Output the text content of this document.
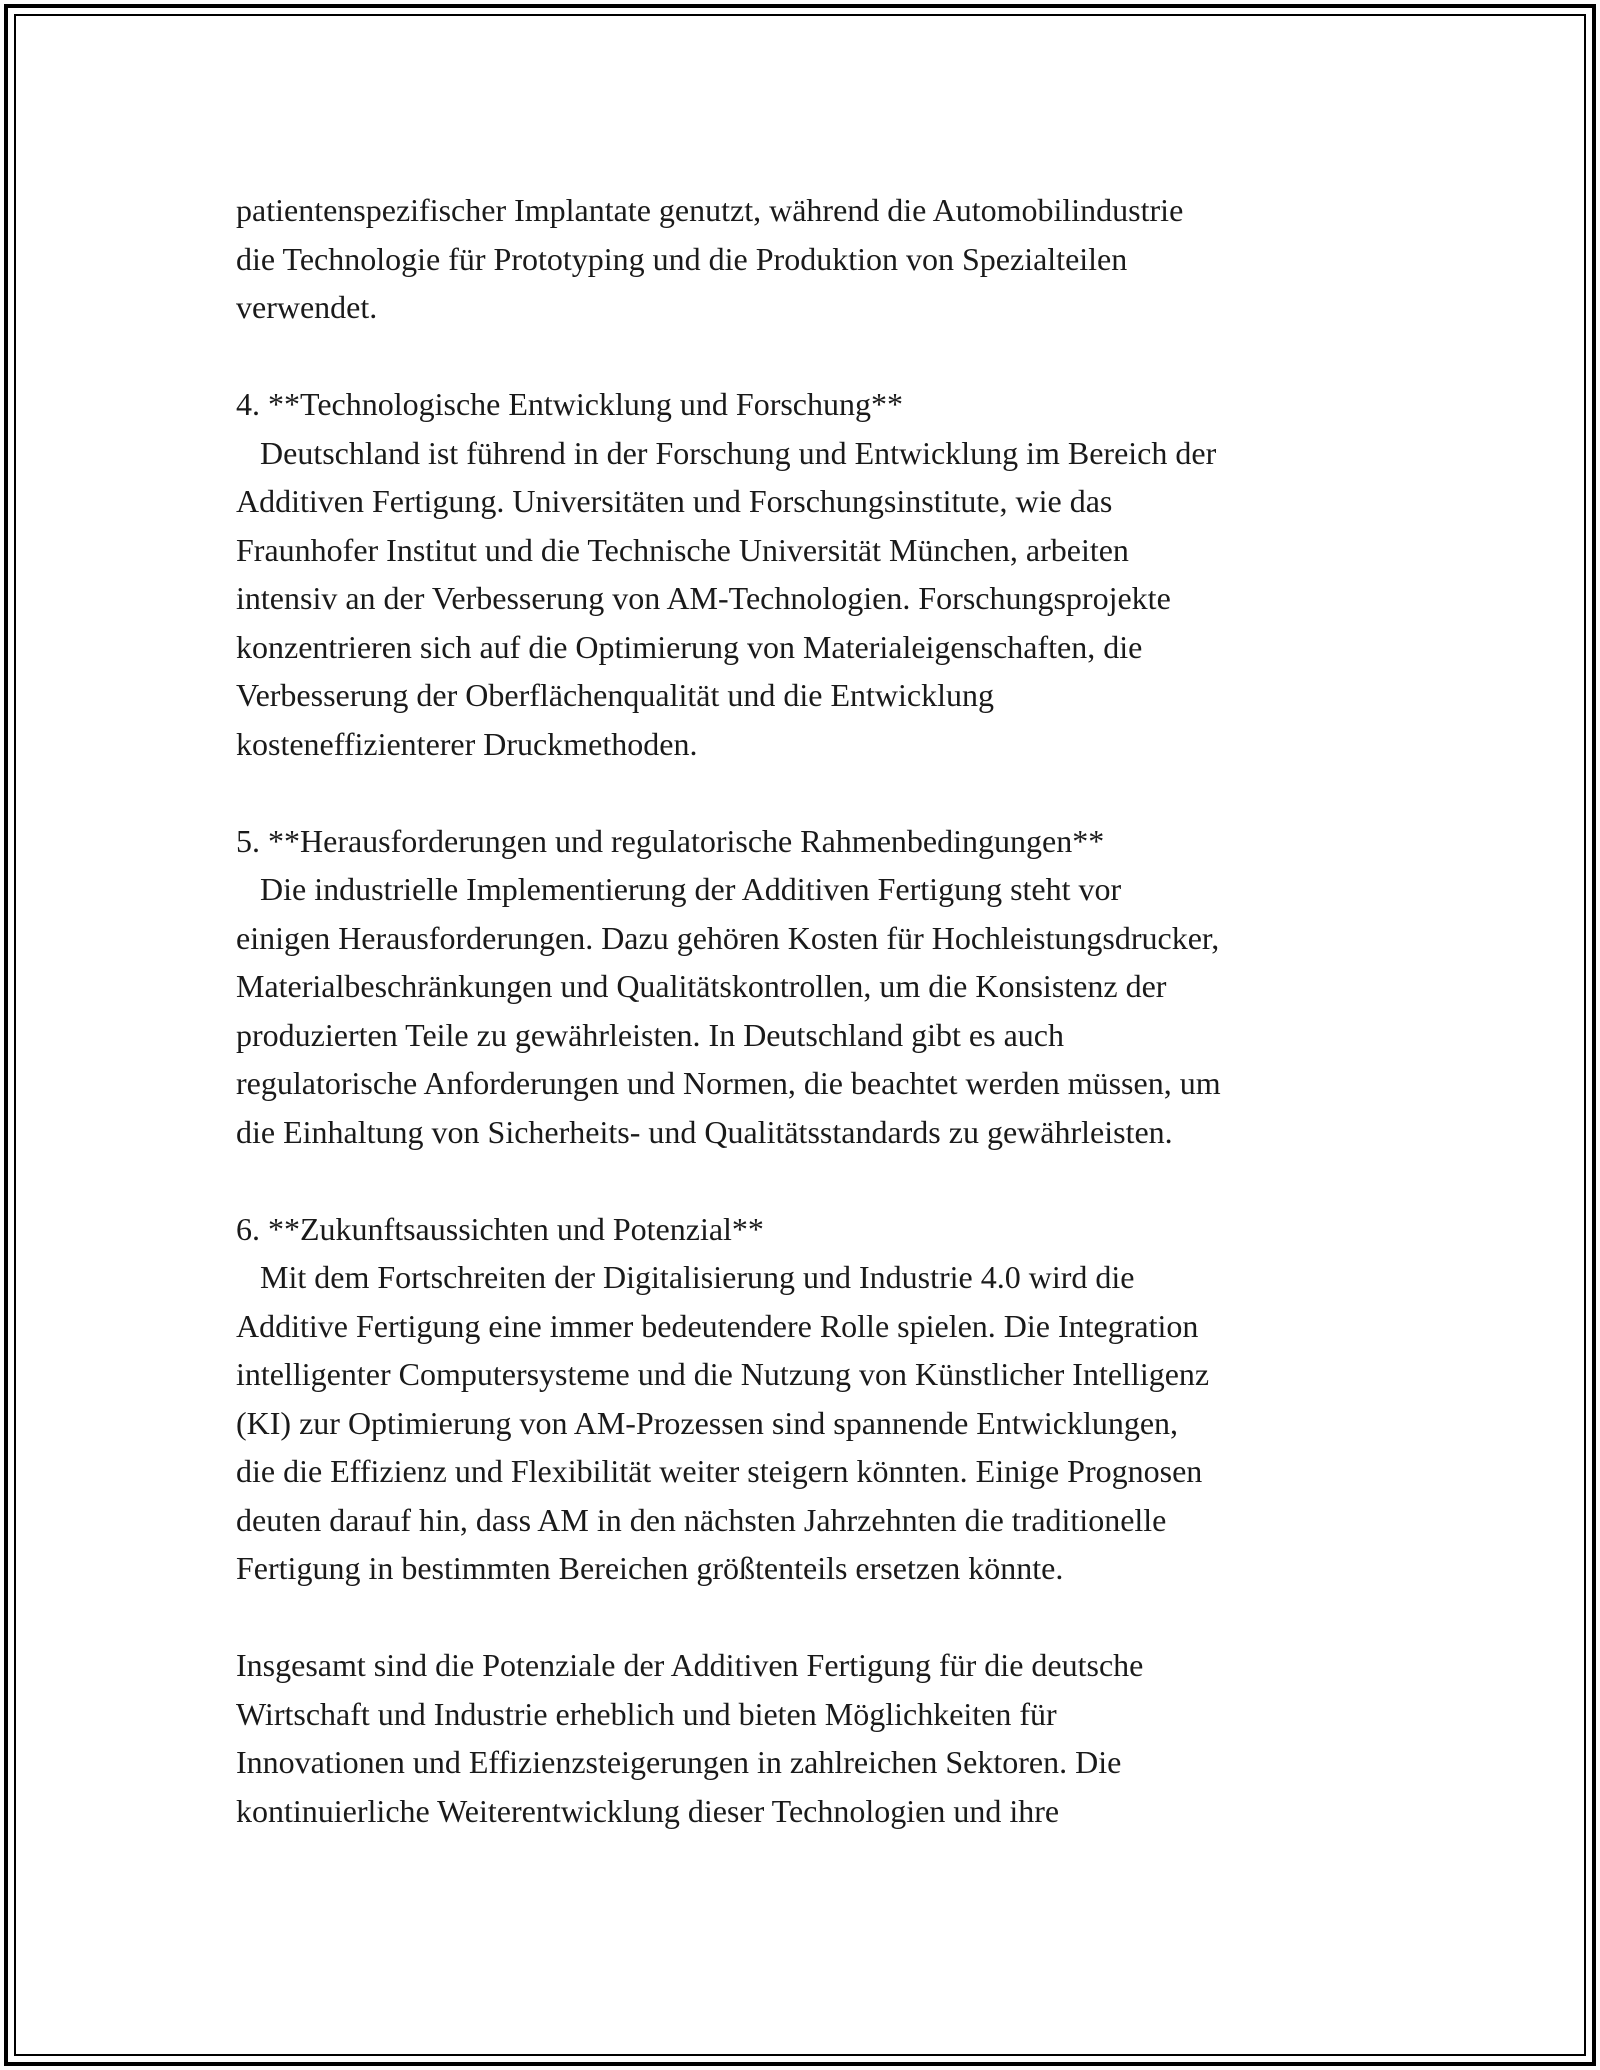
patientenspezifischer Implantate genutzt, während die Automobilindustrie
die Technologie für Prototyping und die Produktion von Spezialteilen
verwendet.
4. **Technologische Entwicklung und Forschung**
Deutschland ist führend in der Forschung und Entwicklung im Bereich der
Additiven Fertigung. Universitäten und Forschungsinstitute, wie das
Fraunhofer Institut und die Technische Universität München, arbeiten
intensiv an der Verbesserung von AM-Technologien. Forschungsprojekte
konzentrieren sich auf die Optimierung von Materialeigenschaften, die
Verbesserung der Oberflächenqualität und die Entwicklung
kosteneffizienterer Druckmethoden.
5. **Herausforderungen und regulatorische Rahmenbedingungen**
Die industrielle Implementierung der Additiven Fertigung steht vor
einigen Herausforderungen. Dazu gehören Kosten für Hochleistungsdrucker,
Materialbeschränkungen und Qualitätskontrollen, um die Konsistenz der
produzierten Teile zu gewährleisten. In Deutschland gibt es auch
regulatorische Anforderungen und Normen, die beachtet werden müssen, um
die Einhaltung von Sicherheits- und Qualitätsstandards zu gewährleisten.
6. **Zukunftsaussichten und Potenzial**
Mit dem Fortschreiten der Digitalisierung und Industrie 4.0 wird die
Additive Fertigung eine immer bedeutendere Rolle spielen. Die Integration
intelligenter Computersysteme und die Nutzung von Künstlicher Intelligenz
(KI) zur Optimierung von AM-Prozessen sind spannende Entwicklungen,
die die Effizienz und Flexibilität weiter steigern könnten. Einige Prognosen
deuten darauf hin, dass AM in den nächsten Jahrzehnten die traditionelle
Fertigung in bestimmten Bereichen größtenteils ersetzen könnte.
Insgesamt sind die Potenziale der Additiven Fertigung für die deutsche
Wirtschaft und Industrie erheblich und bieten Möglichkeiten für
Innovationen und Effizienzsteigerungen in zahlreichen Sektoren. Die
kontinuierliche Weiterentwicklung dieser Technologien und ihre
